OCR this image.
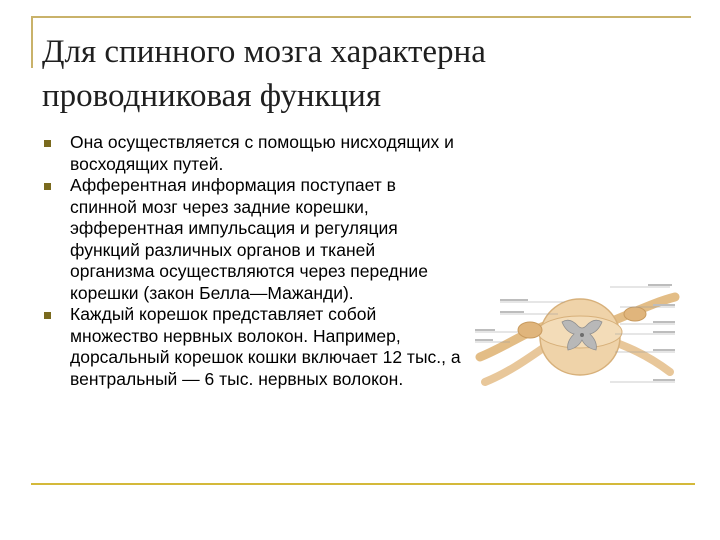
Для спинного мозга характерна проводниковая функция
Она осуществляется с помощью нисходящих и восходящих путей.
Афферентная информация поступает в спинной мозг через задние корешки, эфферентная импульсация и регуляция функций различных органов и тканей организма осуществляются через передние корешки (закон Белла—Мажанди).
Каждый корешок представляет собой множество нервных волокон. Например, дорсальный корешок кошки включает 12 тыс., а вентральный — 6 тыс. нервных волокон.
